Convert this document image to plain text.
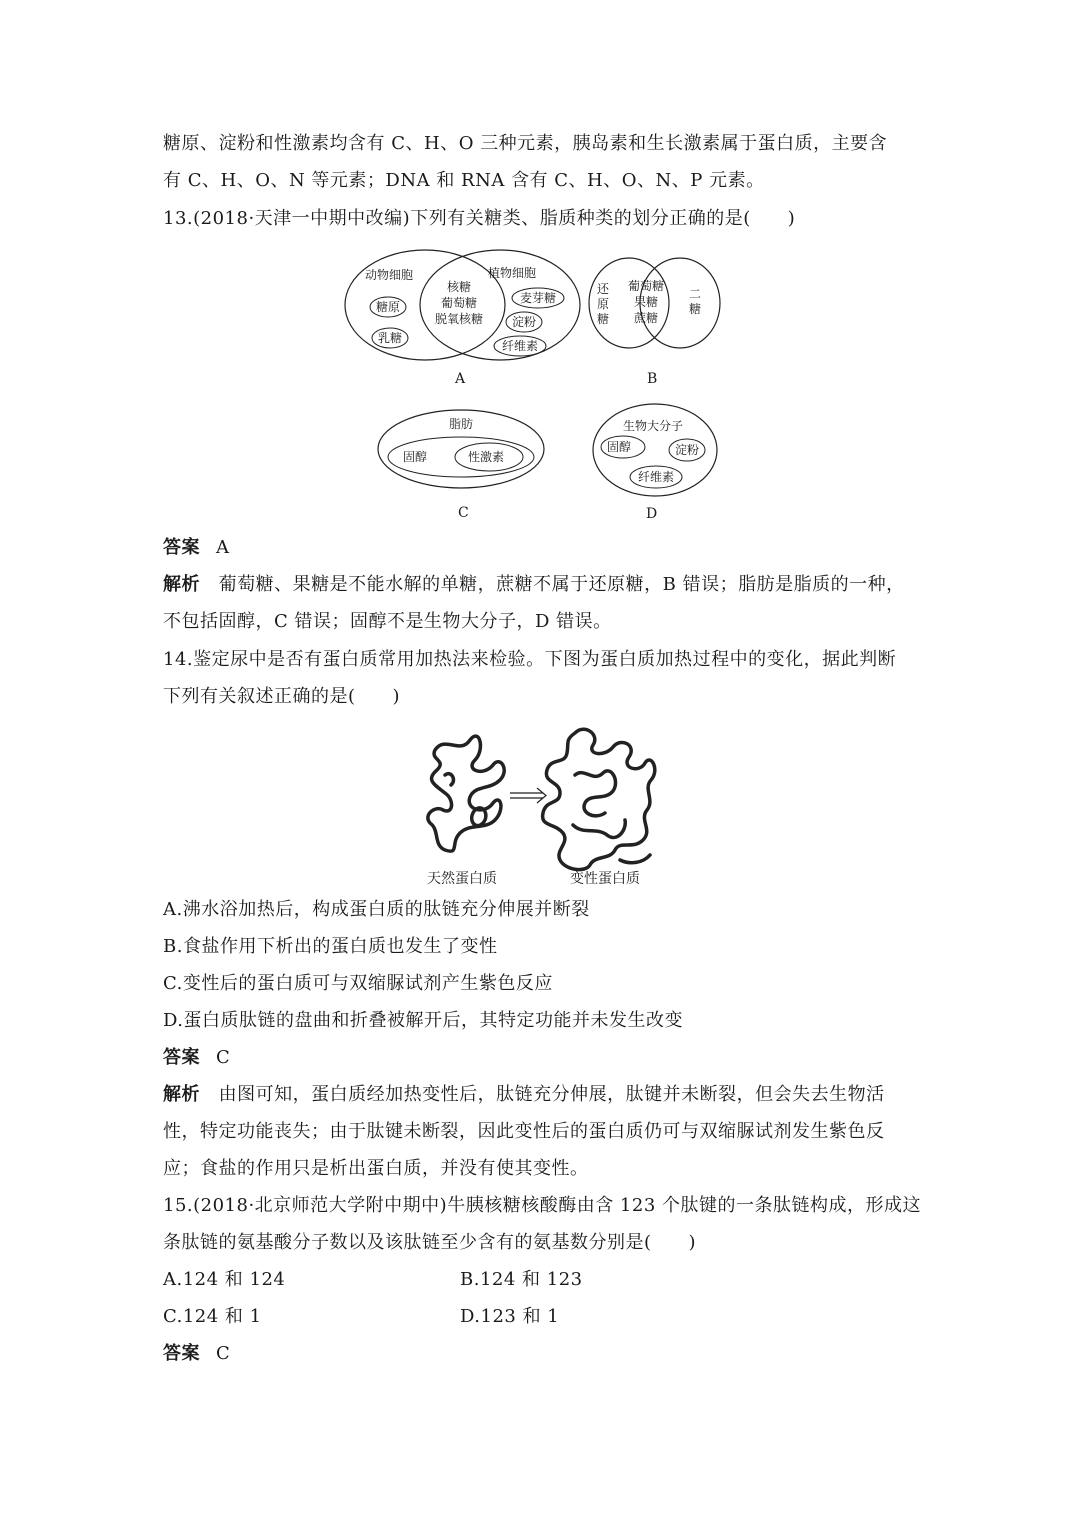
糖原、淀粉和性激素均含有 C、H、O 三种元素，胰岛素和生长激素属于蛋白质，主要含
有 C、H、O、N 等元素；DNA 和 RNA 含有 C、H、O、N、P 元素。
13.(2018·天津一中期中改编)下列有关糖类、脂质种类的划分正确的是(　　)
动物细胞	植物细胞
糖原
乳糖
核糖
葡萄糖
脱氧核糖
麦芽糖
淀粉
纤维素
A
还
原
糖
葡萄糖
果糖
蔗糖
二
糖
B
脂肪
固醇	性激素
C
生物大分子
固醇	淀粉
纤维素
D
答案 A
解析 葡萄糖、果糖是不能水解的单糖，蔗糖不属于还原糖，B 错误；脂肪是脂质的一种，
不包括固醇，C 错误；固醇不是生物大分子，D 错误。
14.鉴定尿中是否有蛋白质常用加热法来检验。下图为蛋白质加热过程中的变化，据此判断
下列有关叙述正确的是(　　)
天然蛋白质	变性蛋白质
A.沸水浴加热后，构成蛋白质的肽链充分伸展并断裂
B.食盐作用下析出的蛋白质也发生了变性
C.变性后的蛋白质可与双缩脲试剂产生紫色反应
D.蛋白质肽链的盘曲和折叠被解开后，其特定功能并未发生改变
答案 C
解析 由图可知，蛋白质经加热变性后，肽链充分伸展，肽键并未断裂，但会失去生物活
性，特定功能丧失；由于肽键未断裂，因此变性后的蛋白质仍可与双缩脲试剂发生紫色反
应；食盐的作用只是析出蛋白质，并没有使其变性。
15.(2018·北京师范大学附中期中)牛胰核糖核酸酶由含 123 个肽键的一条肽链构成，形成这
条肽链的氨基酸分子数以及该肽链至少含有的氨基数分别是(　　)
A.124 和 124	B.124 和 123
C.124 和 1	D.123 和 1
答案 C
